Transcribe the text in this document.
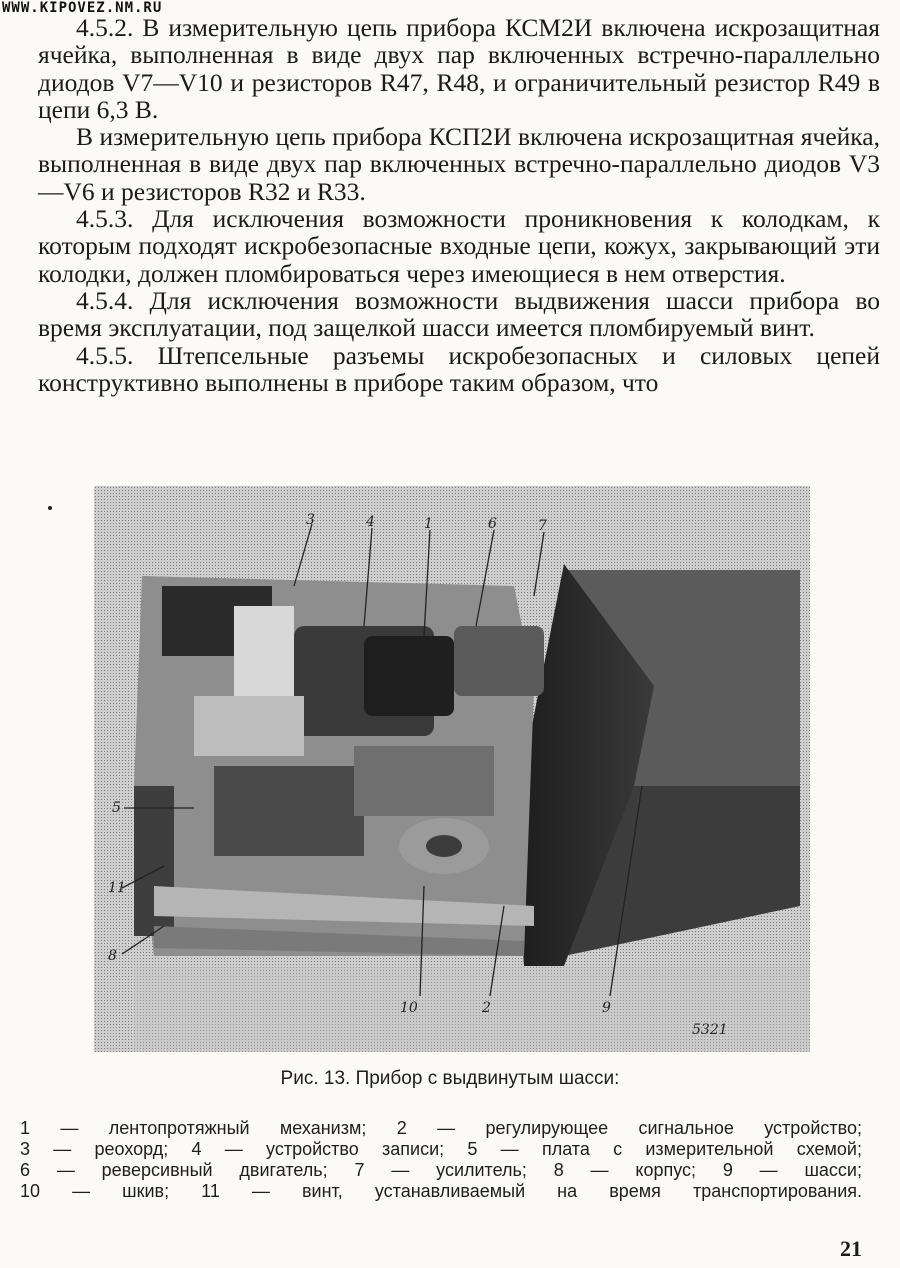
WWW.KIPOVEZ.NM.RU

4.5.2. В измерительную цепь прибора КСМ2И включена искрозащитная ячейка, выполненная в виде двух пар включенных встречно-параллельно диодов V7—V10 и резисторов R47, R48, и ограничительный резистор R49 в цепи 6,3 В.

В измерительную цепь прибора КСП2И включена искрозащитная ячейка, выполненная в виде двух пар включенных встречно-параллельно диодов V3—V6 и резисторов R32 и R33.

4.5.3. Для исключения возможности проникновения к колодкам, к которым подходят искробезопасные входные цепи, кожух, закрывающий эти колодки, должен пломбироваться через имеющиеся в нем отверстия.

4.5.4. Для исключения возможности выдвижения шасси прибора во время эксплуатации, под защелкой шасси имеется пломбируемый винт.

4.5.5. Штепсельные разъемы искробезопасных и силовых цепей конструктивно выполнены в приборе таким образом, что

3	4	1	6	7
5
11
10	2
8
9
5321
Рис. 13. Прибор с выдвинутым шасси:
1 — лентопротяжный механизм; 2 — регулирующее сигнальное устройство;
3 — реохорд; 4 — устройство записи; 5 — плата с измерительной схемой;
6 — реверсивный двигатель; 7 — усилитель; 8 — корпус; 9 — шасси;
10 — шкив; 11 — винт, устанавливаемый на время транспортирования.
21
